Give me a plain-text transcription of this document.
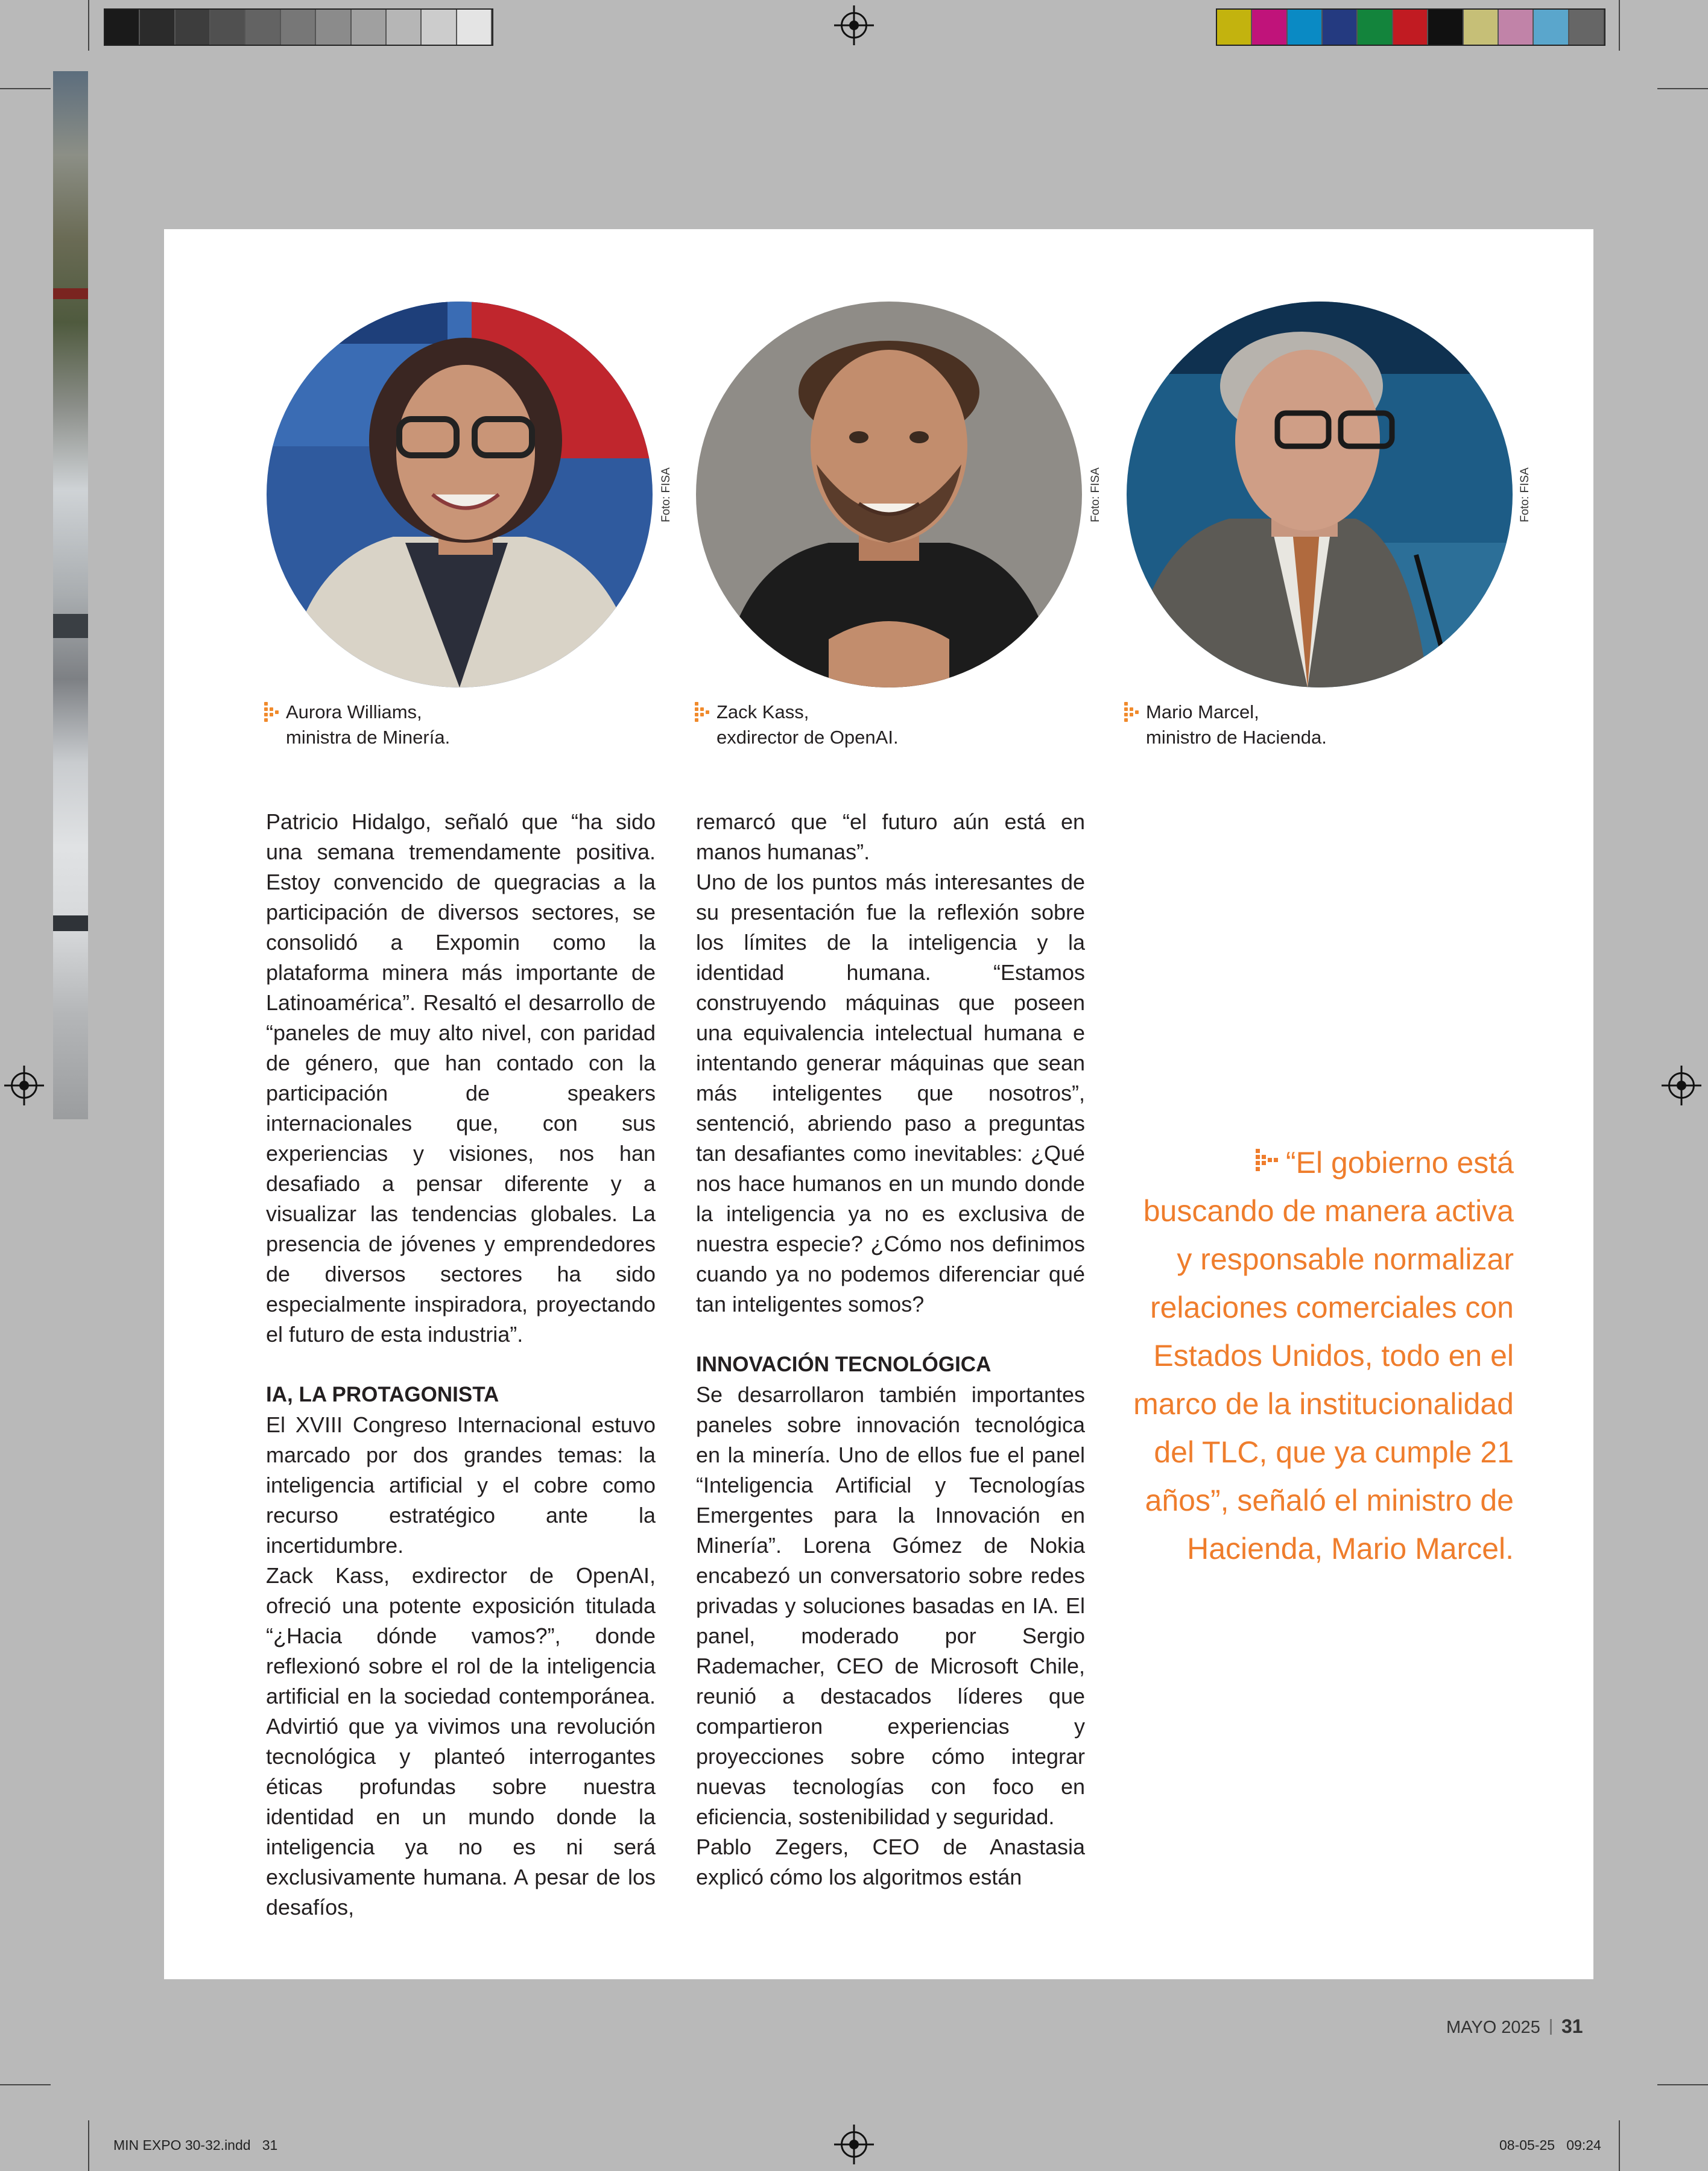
Foto: FISA	Foto: FISA	Foto: FISA
Aurora Williams,
ministra de Minería.
Zack Kass,
exdirector de OpenAI.
Mario Marcel,
ministro de Hacienda.

Patricio Hidalgo, señaló que “ha sido una semana tremendamente positiva. Estoy convencido de quegracias a la participación de diversos sectores, se consolidó a Expomin como la plataforma minera más importante de Latinoamérica”. Resaltó el desarrollo de “paneles de muy alto nivel, con paridad de género, que han contado con la participación de speakers internacionales que, con sus experiencias y visiones, nos han desafiado a pensar diferente y a visualizar las tendencias globales. La presencia de jóvenes y emprendedores de diversos sectores ha sido especialmente inspiradora, proyectando el futuro de esta industria”.

IA, LA PROTAGONISTA

El XVIII Congreso Internacional estuvo marcado por dos grandes temas: la inteligencia artificial y el cobre como recurso estratégico ante la incertidumbre.

Zack Kass, exdirector de OpenAI, ofreció una potente exposición titulada “¿Hacia dónde vamos?”, donde reflexionó sobre el rol de la inteligencia artificial en la sociedad contemporánea. Advirtió que ya vivimos una revolución tecnológica y planteó interrogantes éticas profundas sobre nuestra identidad en un mundo donde la inteligencia ya no es ni será exclusivamente humana. A pesar de los desafíos,

remarcó que “el futuro aún está en manos humanas”.

Uno de los puntos más interesantes de su presentación fue la reflexión sobre los límites de la inteligencia y la identidad humana. “Estamos construyendo máquinas que poseen una equivalencia intelectual humana e intentando generar máquinas que sean más inteligentes que nosotros”, sentenció, abriendo paso a preguntas tan desafiantes como inevitables: ¿Qué nos hace humanos en un mundo donde la inteligencia ya no es exclusiva de nuestra especie? ¿Cómo nos definimos cuando ya no podemos diferenciar qué tan inteligentes somos?

INNOVACIÓN TECNOLÓGICA

Se desarrollaron también importantes paneles sobre innovación tecnológica en la minería. Uno de ellos fue el panel “Inteligencia Artificial y Tecnologías Emergentes para la Innovación en Minería”. Lorena Gómez de Nokia encabezó un conversatorio sobre redes privadas y soluciones basadas en IA. El panel, moderado por Sergio Rademacher, CEO de Microsoft Chile, reunió a destacados líderes que compartieron experiencias y proyecciones sobre cómo integrar nuevas tecnologías con foco en eficiencia, sostenibilidad y seguridad.

Pablo Zegers, CEO de Anastasia explicó cómo los algoritmos están

“El gobierno está buscando de manera activa y responsable normalizar relaciones comerciales con Estados Unidos, todo en el marco de la institucionalidad del TLC, que ya cumple 21 años”, señaló el ministro de Hacienda, Mario Marcel.
MAYO 2025 31
MIN EXPO 30-32.indd   31	08-05-25   09:24
